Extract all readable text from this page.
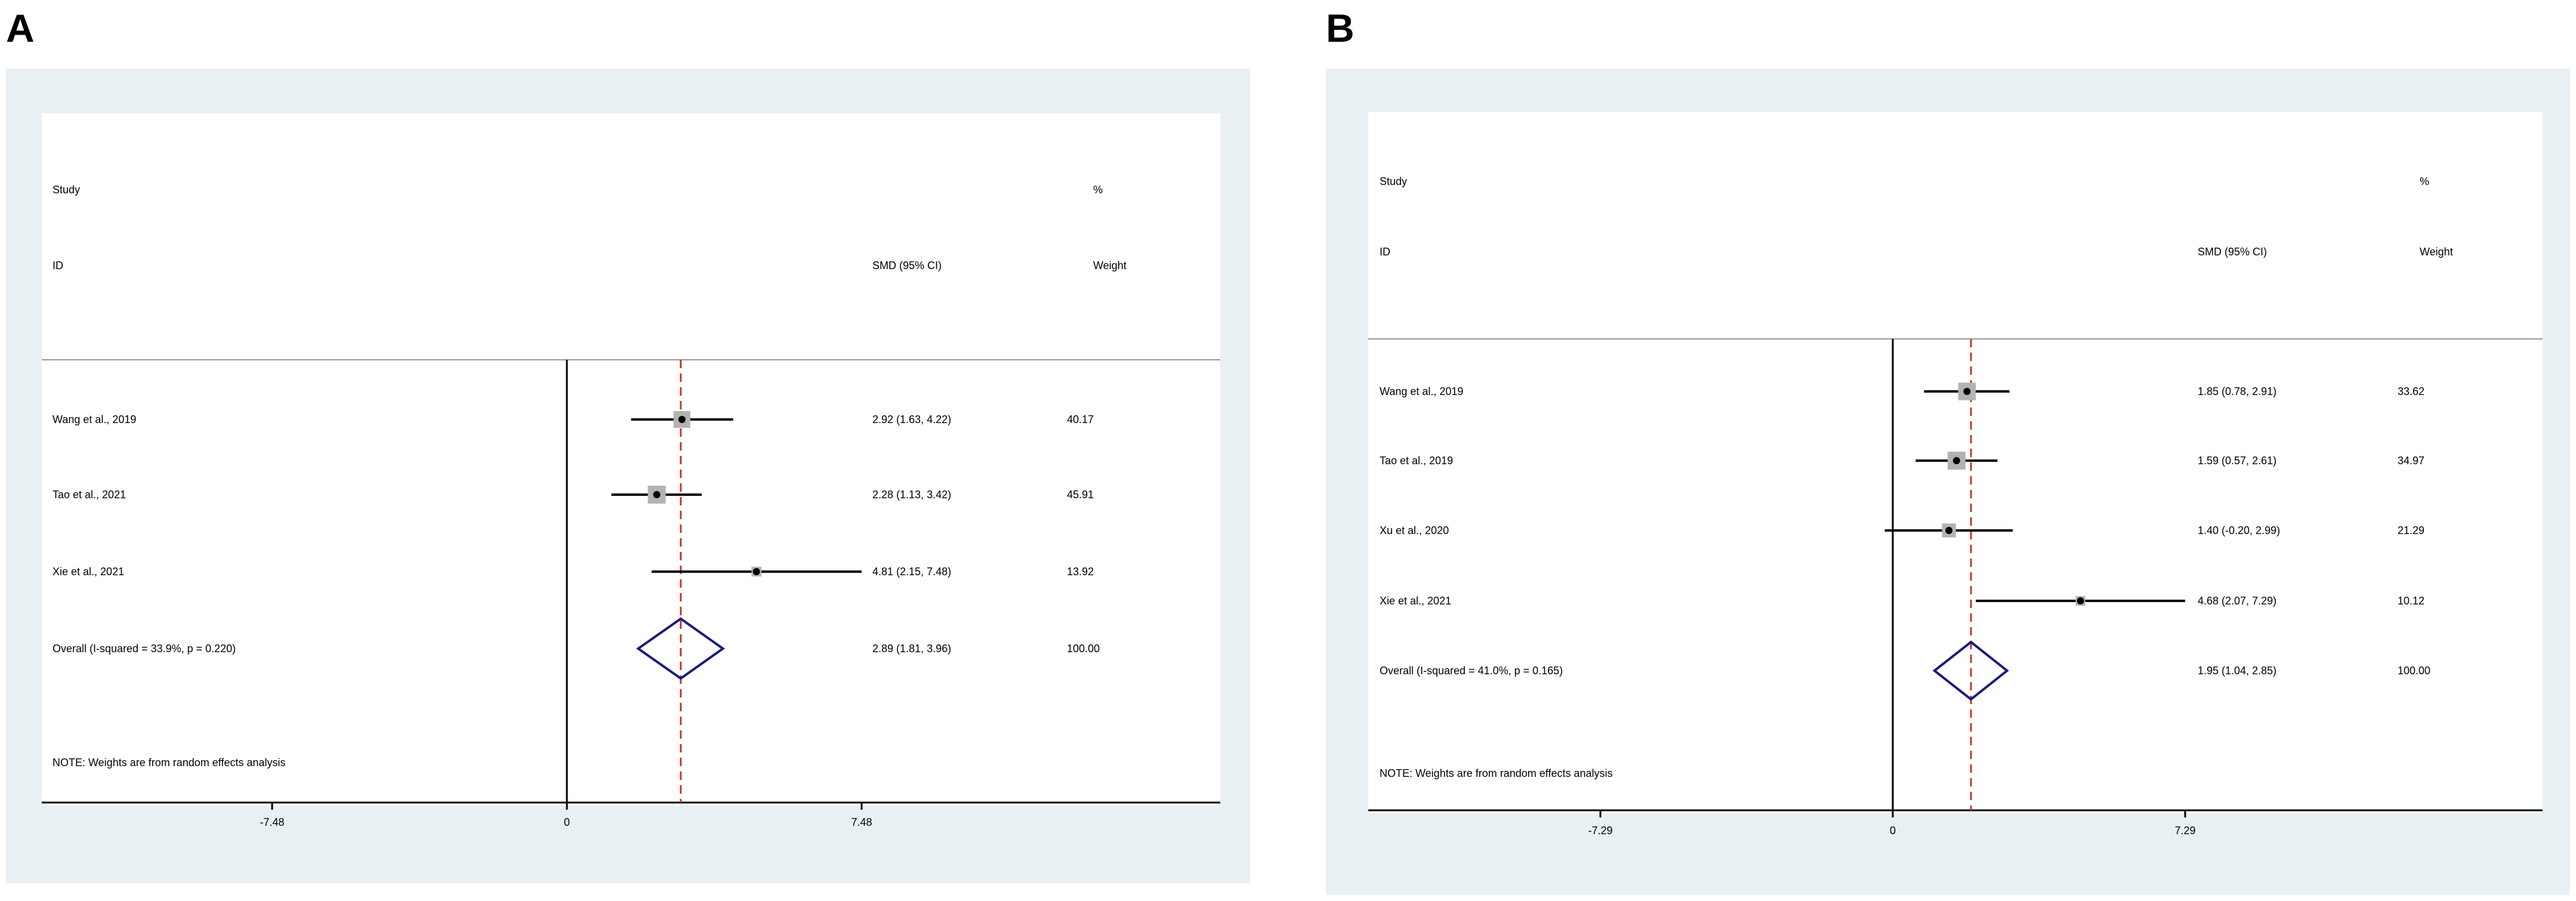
A
Study
ID	SMD (95% CI)
%
Weight
-7.48	0	7.48
Wang et al., 2019	2.92 (1.63, 4.22)	40.17
Tao et al., 2021	2.28 (1.13, 3.42)	45.91
Xie et al., 2021	4.81 (2.15, 7.48)	13.92
Overall (I-squared = 33.9%, p = 0.220)	2.89 (1.81, 3.96)	100.00
NOTE: Weights are from random effects analysis
B
Study
ID	SMD (95% CI)
%
Weight
-7.29	0	7.29
Wang et al., 2019	1.85 (0.78, 2.91)	33.62
Tao et al., 2019	1.59 (0.57, 2.61)	34.97
Xu et al., 2020	1.40 (-0.20, 2.99)	21.29
Xie et al., 2021	4.68 (2.07, 7.29)	10.12
Overall (I-squared = 41.0%, p = 0.165)	1.95 (1.04, 2.85)	100.00
NOTE: Weights are from random effects analysis
